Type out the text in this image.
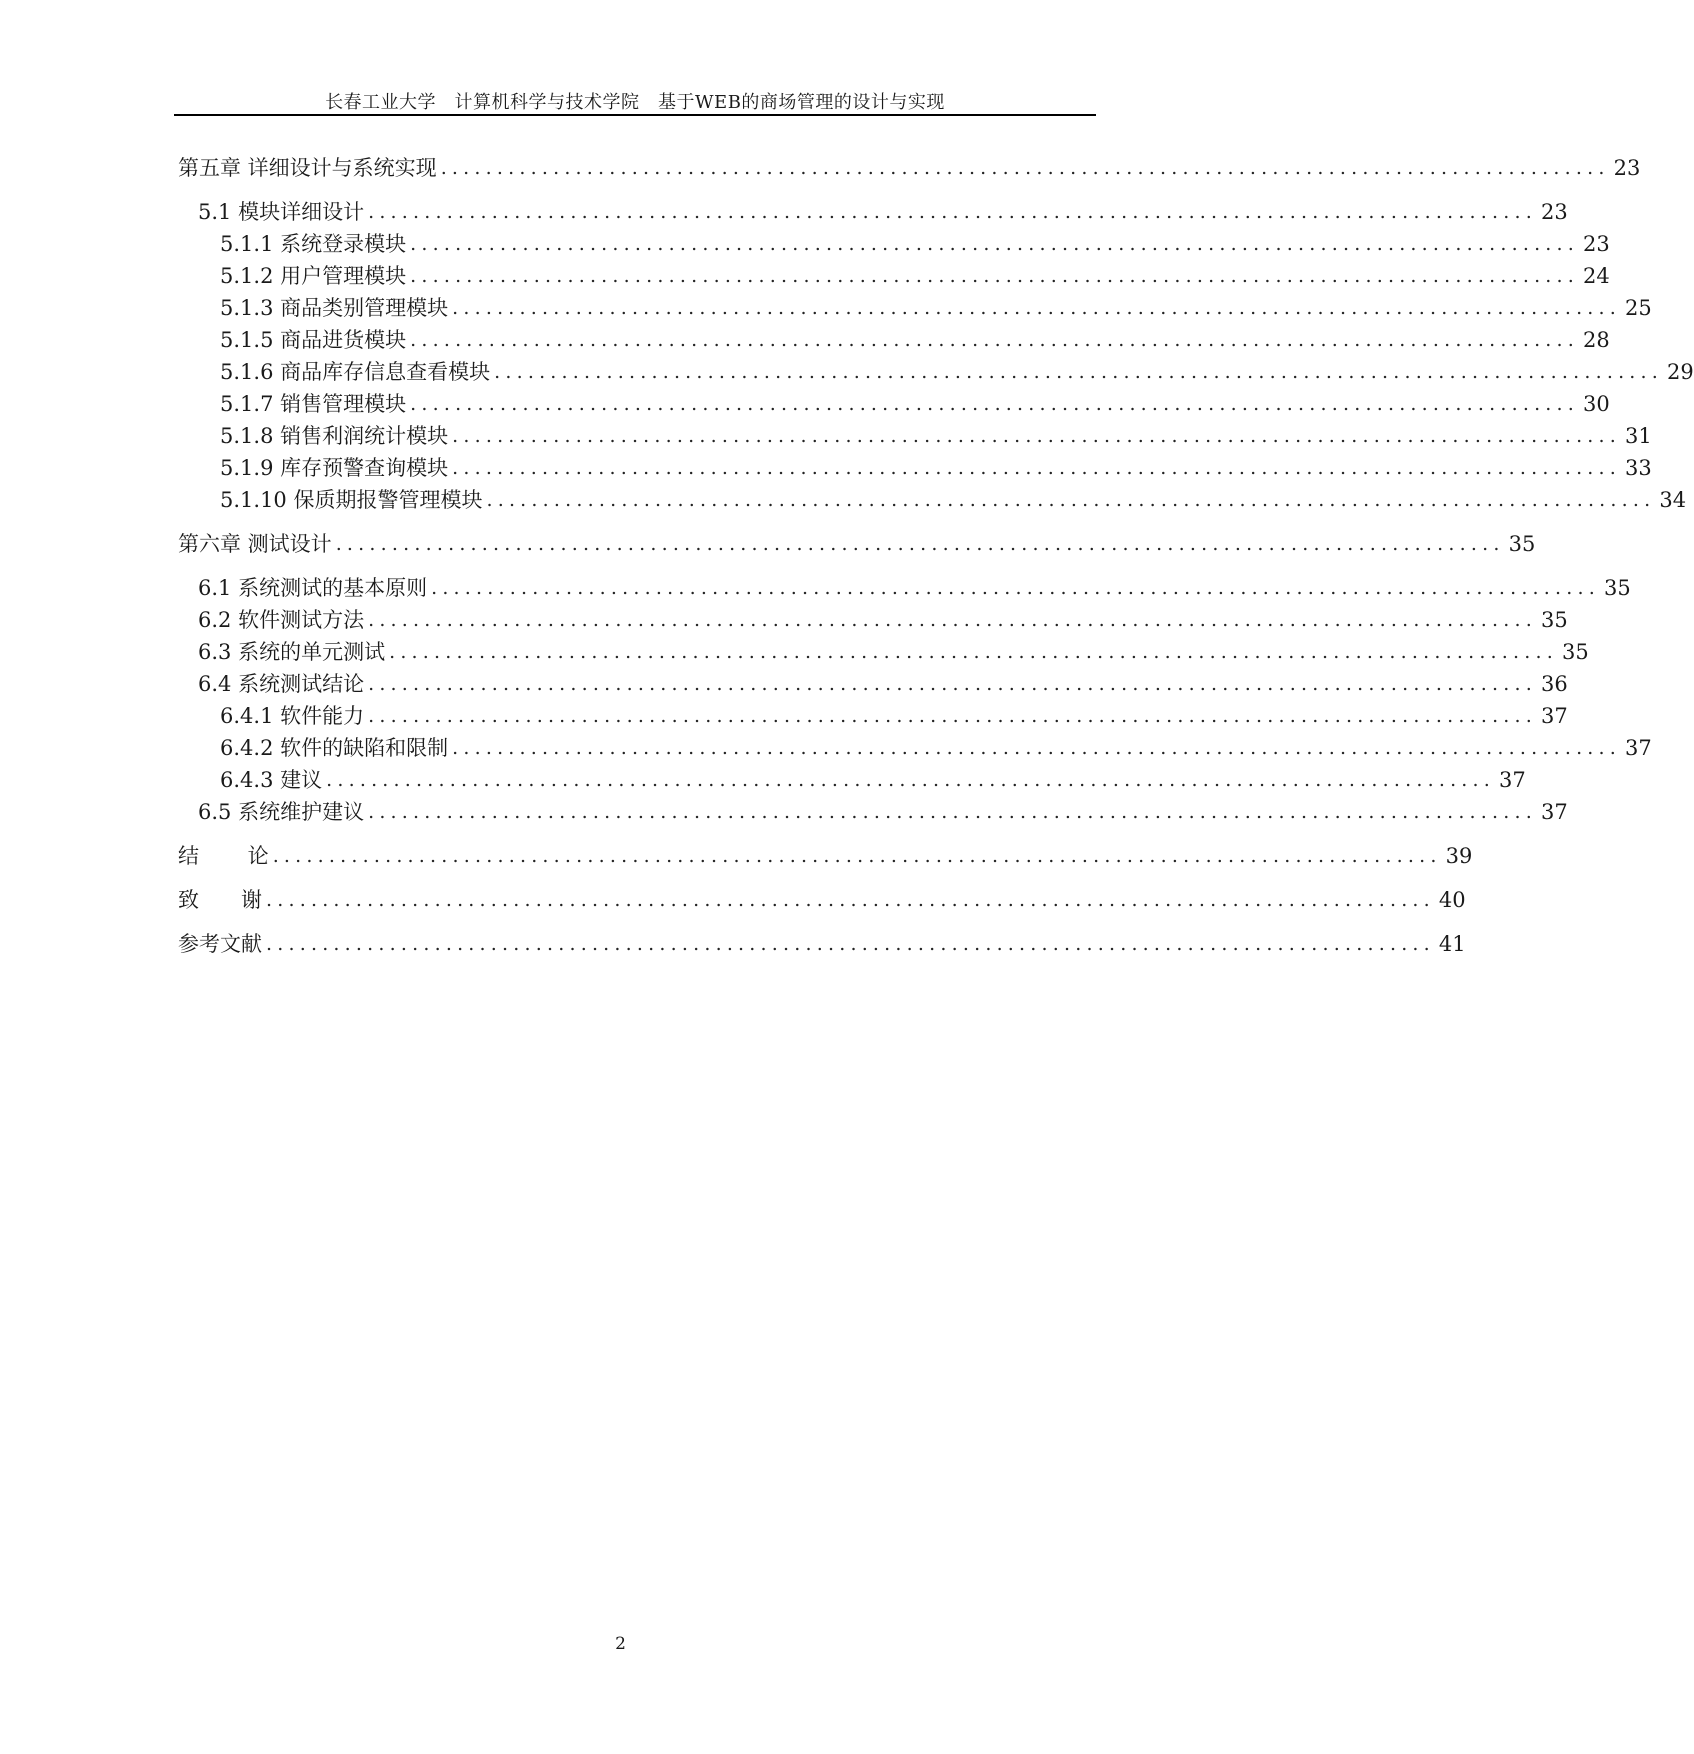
长春工业大学　计算机科学与技术学院　基于WEB的商场管理的设计与实现
第五章 详细设计与系统实现 ........................................................................................................ 23
5.1 模块详细设计 ........................................................................................................ 23
5.1.1 系统登录模块 ........................................................................................................ 23
5.1.2 用户管理模块 ........................................................................................................ 24
5.1.3 商品类别管理模块 ........................................................................................................ 25
5.1.5 商品进货模块 ........................................................................................................ 28
5.1.6 商品库存信息查看模块 ........................................................................................................ 29
5.1.7 销售管理模块 ........................................................................................................ 30
5.1.8 销售利润统计模块 ........................................................................................................ 31
5.1.9 库存预警查询模块 ........................................................................................................ 33
5.1.10 保质期报警管理模块 ........................................................................................................ 34
第六章 测试设计 ........................................................................................................ 35
6.1 系统测试的基本原则 ........................................................................................................ 35
6.2 软件测试方法 ........................................................................................................ 35
6.3 系统的单元测试 ........................................................................................................ 35
6.4 系统测试结论 ........................................................................................................ 36
6.4.1 软件能力 ........................................................................................................ 37
6.4.2 软件的缺陷和限制 ........................................................................................................ 37
6.4.3 建议 ........................................................................................................ 37
6.5 系统维护建议 ........................................................................................................ 37
结　　 论 ........................................................................................................ 39
致　　谢 ........................................................................................................ 40
参考文献 ........................................................................................................ 41
2
